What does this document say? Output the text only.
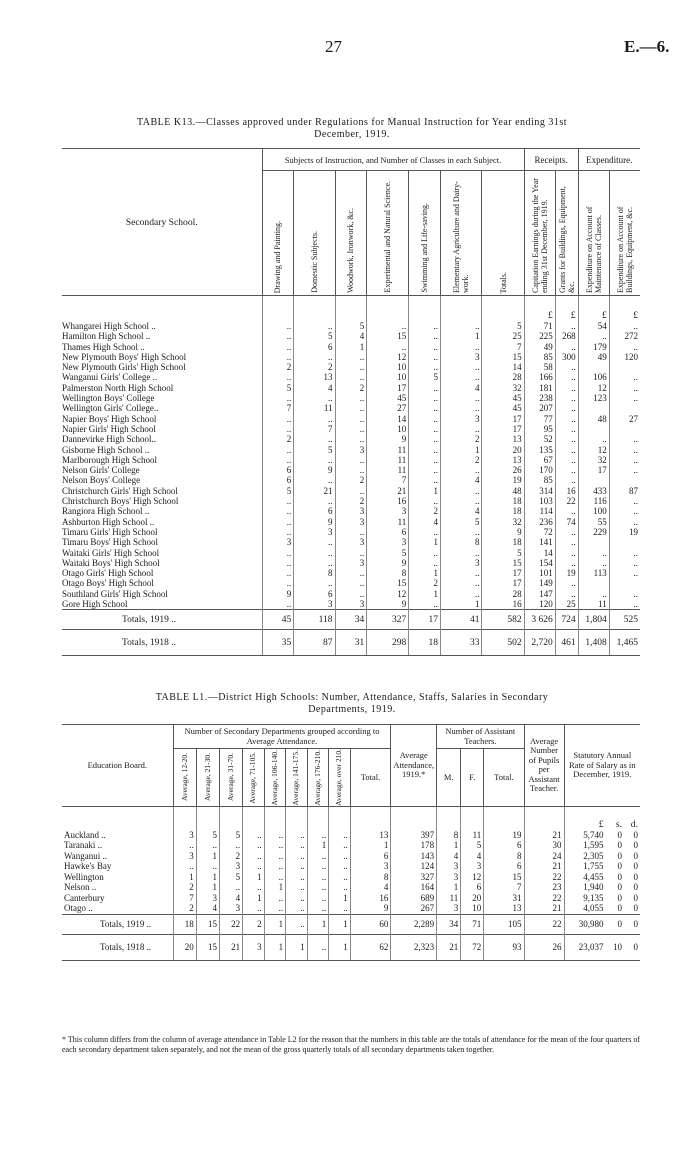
27	E.—6.
TABLE K13.—Classes approved under Regulations for Manual Instruction for Year ending 31st
December, 1919.
Secondary School.		Subjects of Instruction, and Number of Classes in each Subject.							Receipts.		Expenditure.	

		Drawing and Painting.	Domestic Subjects.	Woodwork, Ironwork, &c.	Experimental and Natural Science.	Swimming and Life-saving.	Elementary Agriculture and Dairy-work.	Totals.	Capitation Earnings during the Year ending 31st December, 1919.	Grants for Buildings, Equipment, &c.	Expenditure on Account of Maintenance of Classes.	Expenditure on Account of Buildings, Equipment, &c.

									£	£	£	£
Whangarei High School ..		..	..	5	..	..	..	5	71	..	54	..
Hamilton High School ..		..	5	4	15	..	1	25	225	268	..	272
Thames High School ..		..	6	1	..	..	..	7	49	..	179	..
New Plymouth Boys' High School		..	..	..	12	..	3	15	85	300	49	120
New Plymouth Girls' High School		2	2	..	10	..	..	14	58	..		
Wanganui Girls' College ..		..	13	..	10	5	..	28	166	..	106	..
Palmerston North High School		5	4	2	17	..	4	32	181	..	12	..
Wellington Boys' College		..	..	..	45	..	..	45	238	..	123	..
Wellington Girls' College..		7	11	..	27	..	..	45	207	..		
Napier Boys' High School		..	..	..	14	..	3	17	77	..	48	27
Napier Girls' High School		..	7	..	10	..	..	17	95	..		
Dannevirke High School..		2	..	..	9	..	2	13	52	..	..	..
Gisborne High School ..		..	5	3	11	..	1	20	135	..	12	..
Marlborough High School		..	..	..	11	..	2	13	67	..	32	..
Nelson Girls' College		6	9	..	11	..	..	26	170	..	17	..
Nelson Boys' College		6	..	2	7	..	4	19	85	..		
Christchurch Girls' High School		5	21	..	21	1	..	48	314	16	433	87
Christchurch Boys' High School		..	..	2	16	..	..	18	103	22	116	..
Rangiora High School ..		..	6	3	3	2	4	18	114	..	100	..
Ashburton High School ..		..	9	3	11	4	5	32	236	74	55	..
Timaru Girls' High School		..	3	..	6	..	..	9	72	..	229	19
Timaru Boys' High School		3	..	3	3	1	8	18	141	..		
Waitaki Girls' High School		..	..	..	5	..	..	5	14	..	..	..
Waitaki Boys' High School		..	..	3	9	..	3	15	154	..	..	..
Otago Girls' High School		..	8	..	8	1	..	17	101	19	113	..
Otago Boys' High School		..	..	..	15	2	..	17	149	..		
Southland Girls' High School		9	6	..	12	1	..	28	147	..	..	..
Gore High School		..	3	3	9	..	1	16	120	25	11	..
Totals, 1919 ..		45	118	34	327	17	41	582	3 626	724	1,804	525
Totals, 1918 ..		35	87	31	298	18	33	502	2,720	461	1,408	1,465
TABLE L1.—District High Schools: Number, Attendance, Staffs, Salaries in Secondary
Departments, 1919.
Education Board.		Number of Secondary Departments grouped according to Average Attendance.									Average Attendance, 1919.*	Number of Assistant Teachers.			Average Number of Pupils per Assistant Teacher.	Statutory Annual Rate of Salary as in December, 1919.		

		Average, 12-20.	Average, 21-30.	Average, 31-70.	Average, 71-105.	Average, 106-140.	Average, 141-175.	Average, 176-210.	Average, over 210.	Total.		M.	F.	Total.				
																£	s.	d.
Auckland ..		3	5	5	..	..	..	..	..	13	397	8	11	19	21	5,740	0	0
Taranaki ..		..	..	..	..	..	..	1	..	1	178	1	5	6	30	1,595	0	0
Wanganui ..		3	1	2	..	..	..	..	..	6	143	4	4	8	24	2,305	0	0
Hawke's Bay		..	..	3	..	..	..	..	..	3	124	3	3	6	21	1,755	0	0
Wellington		1	1	5	1	..	..	..	..	8	327	3	12	15	22	4,455	0	0
Nelson ..		2	1	..	..	1	..	..	..	4	164	1	6	7	23	1,940	0	0
Canterbury		7	3	4	1	..	..	..	1	16	689	11	20	31	22	9,135	0	0
Otago ..		2	4	3	..	..	..	..	..	9	267	3	10	13	21	4,055	0	0
Totals, 1919 ..		18	15	22	2	1	..	1	1	60	2,289	34	71	105	22	30,980	0	0
Totals, 1918 ..		20	15	21	3	1	1	..	1	62	2,323	21	72	93	26	23,037	10	0
* This column differs from the column of average attendance in Table L2 for the reason that the numbers in this table are the totals of attendance for the mean of the four quarters of each secondary department taken separately, and not the mean of the gross quarterly totals of all secondary departments taken together.
